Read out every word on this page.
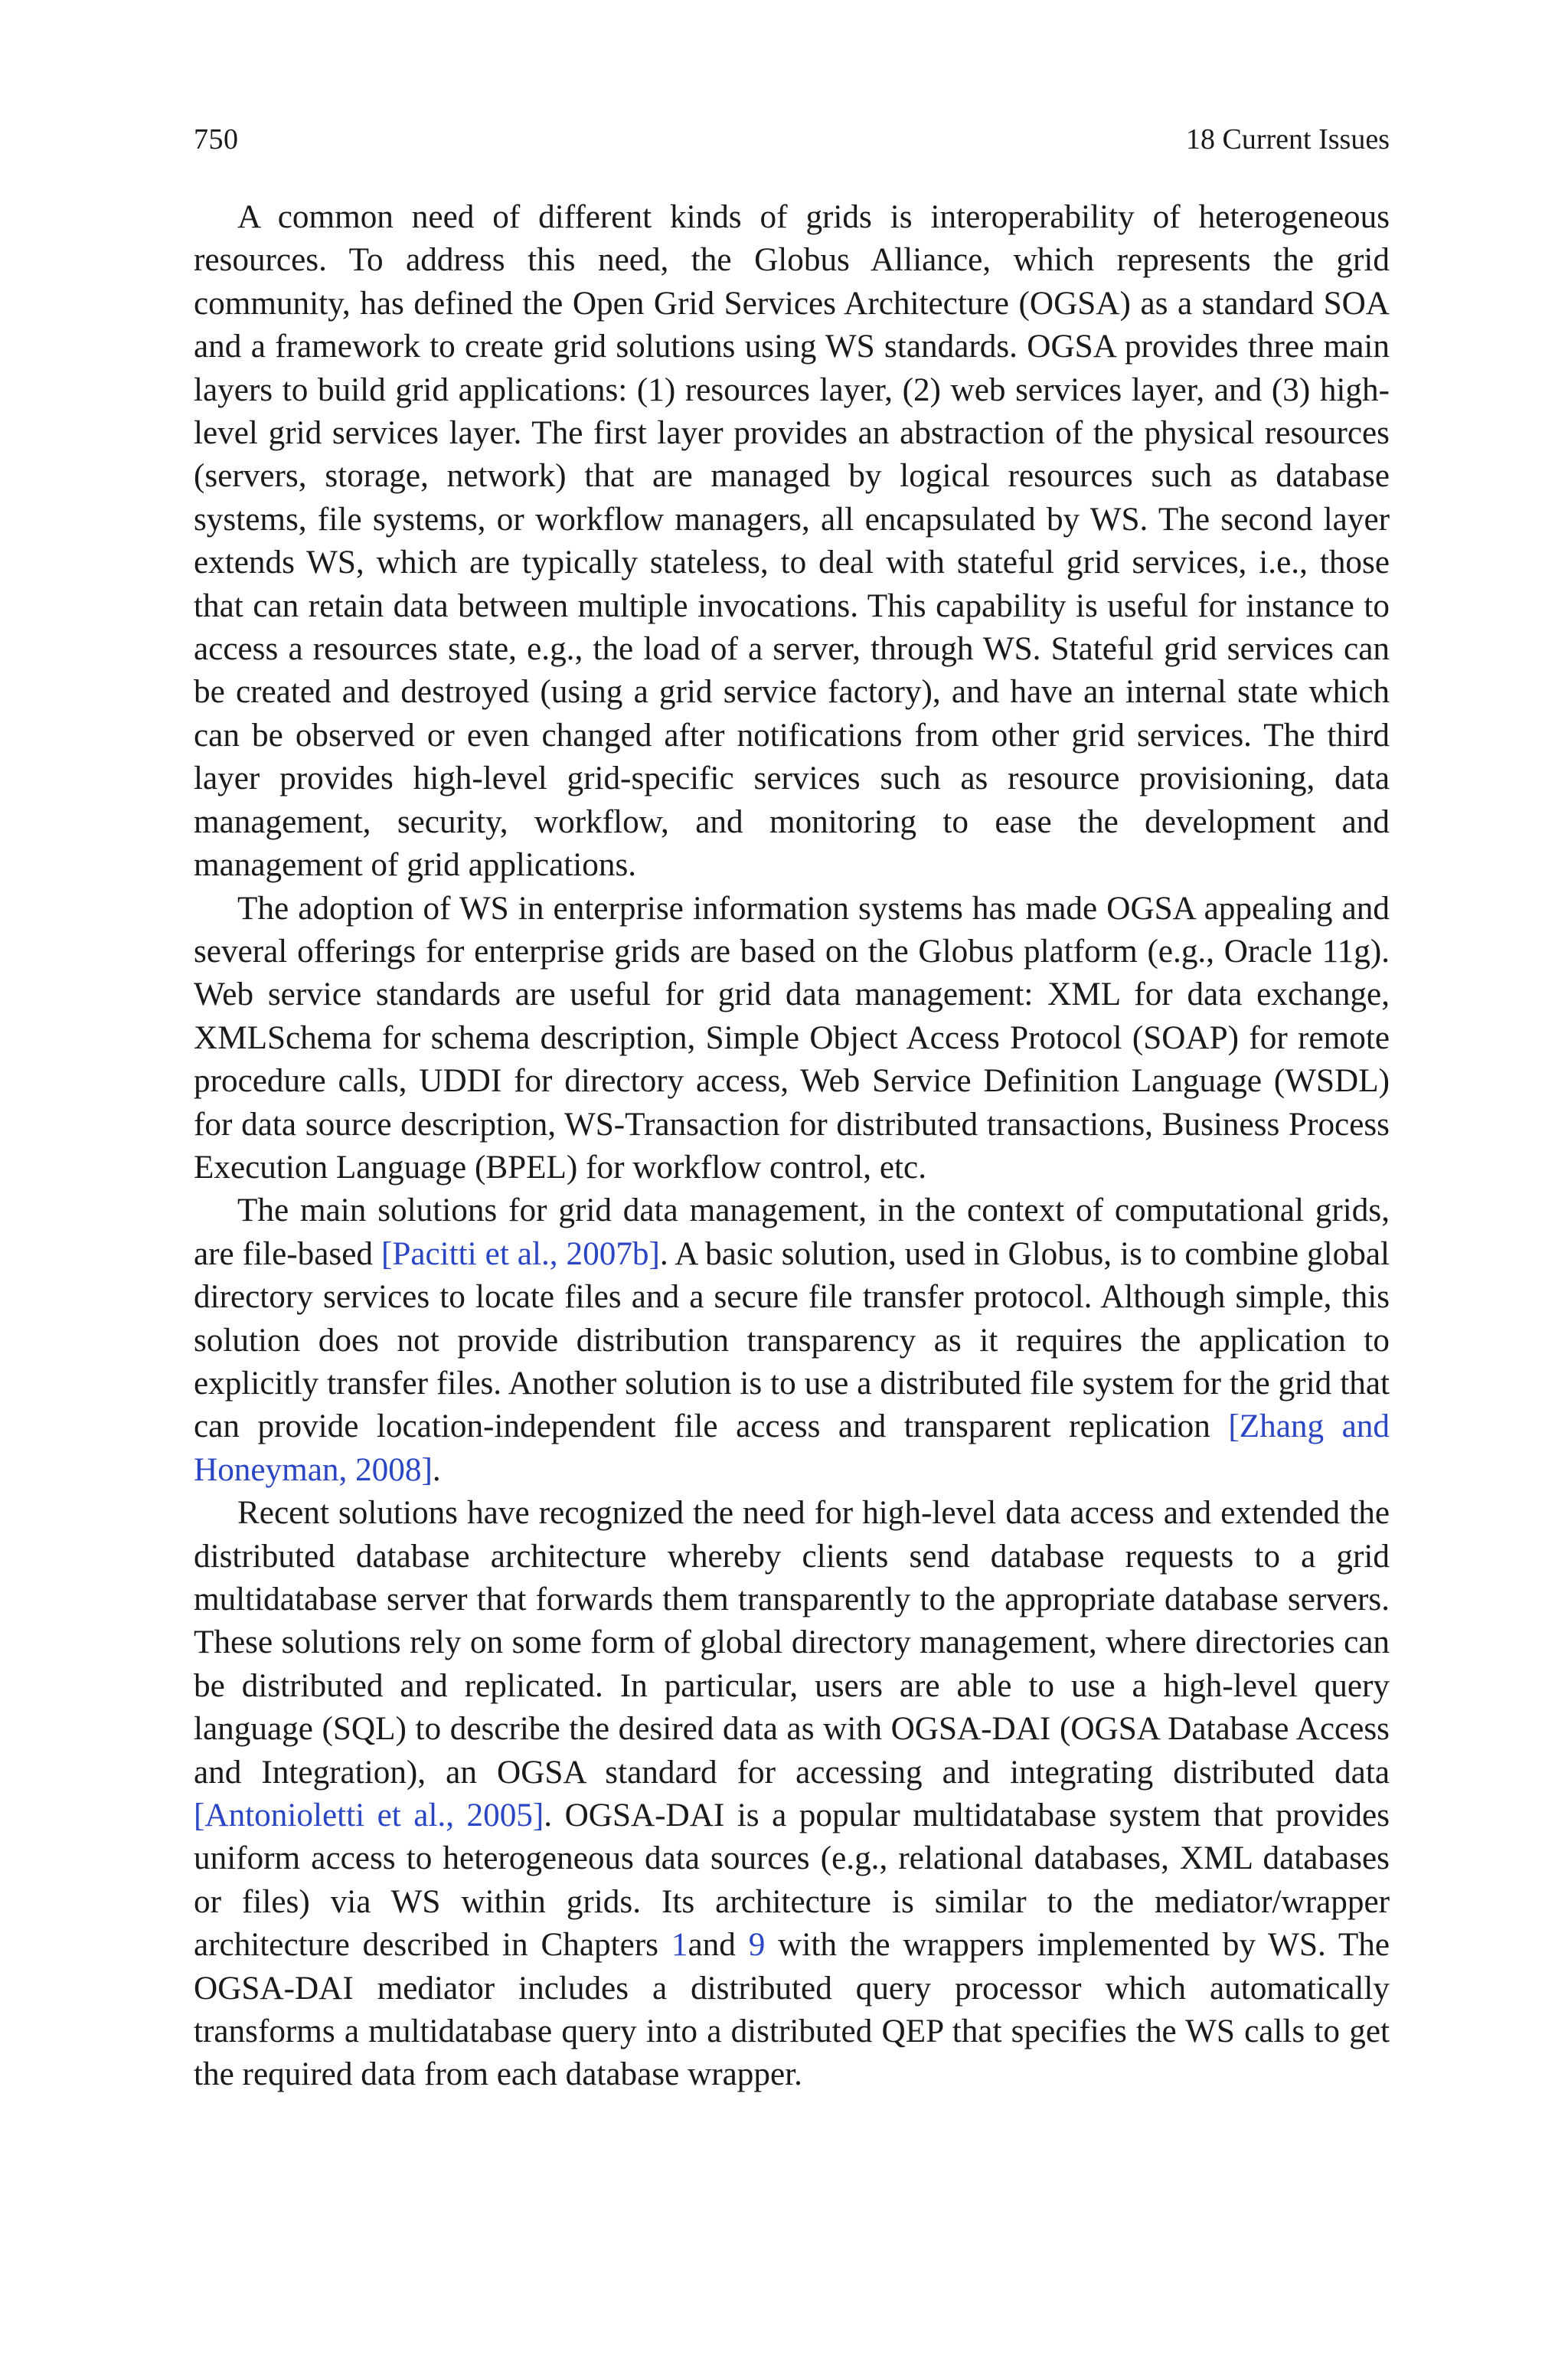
750	18 Current Issues

A common need of different kinds of grids is interoperability of heterogeneous resources. To address this need, the Globus Alliance, which represents the grid community, has defined the Open Grid Services Architecture (OGSA) as a standard SOA and a framework to create grid solutions using WS standards. OGSA provides three main layers to build grid applications: (1) resources layer, (2) web services layer, and (3) high-level grid services layer. The first layer provides an abstraction of the physical resources (servers, storage, network) that are managed by logical resources such as database systems, file systems, or workflow managers, all encapsulated by WS. The second layer extends WS, which are typically stateless, to deal with stateful grid services, i.e., those that can retain data between multiple invocations. This capability is useful for instance to access a resources state, e.g., the load of a server, through WS. Stateful grid services can be created and destroyed (using a grid service factory), and have an internal state which can be observed or even changed after notifications from other grid services. The third layer provides high-level grid-specific services such as resource provisioning, data management, security, workflow, and monitoring to ease the development and management of grid applications.

The adoption of WS in enterprise information systems has made OGSA appealing and several offerings for enterprise grids are based on the Globus platform (e.g., Oracle 11g). Web service standards are useful for grid data management: XML for data exchange, XMLSchema for schema description, Simple Object Access Protocol (SOAP) for remote procedure calls, UDDI for directory access, Web Service Definition Language (WSDL) for data source description, WS-Transaction for distributed transactions, Business Process Execution Language (BPEL) for workflow control, etc.

The main solutions for grid data management, in the context of computational grids, are file-based [Pacitti et al., 2007b]. A basic solution, used in Globus, is to combine global directory services to locate files and a secure file transfer protocol. Although simple, this solution does not provide distribution transparency as it requires the application to explicitly transfer files. Another solution is to use a distributed file system for the grid that can provide location-independent file access and transparent replication [Zhang and Honeyman, 2008].

Recent solutions have recognized the need for high-level data access and extended the distributed database architecture whereby clients send database requests to a grid multidatabase server that forwards them transparently to the appropriate database servers. These solutions rely on some form of global directory management, where directories can be distributed and replicated. In particular, users are able to use a high-level query language (SQL) to describe the desired data as with OGSA-DAI (OGSA Database Access and Integration), an OGSA standard for accessing and integrating distributed data [Antonioletti et al., 2005]. OGSA-DAI is a popular multidatabase system that provides uniform access to heterogeneous data sources (e.g., relational databases, XML databases or files) via WS within grids. Its architecture is similar to the mediator/wrapper architecture described in Chapters 1and 9 with the wrappers implemented by WS. The OGSA-DAI mediator includes a distributed query processor which automatically transforms a multidatabase query into a distributed QEP that specifies the WS calls to get the required data from each database wrapper.
